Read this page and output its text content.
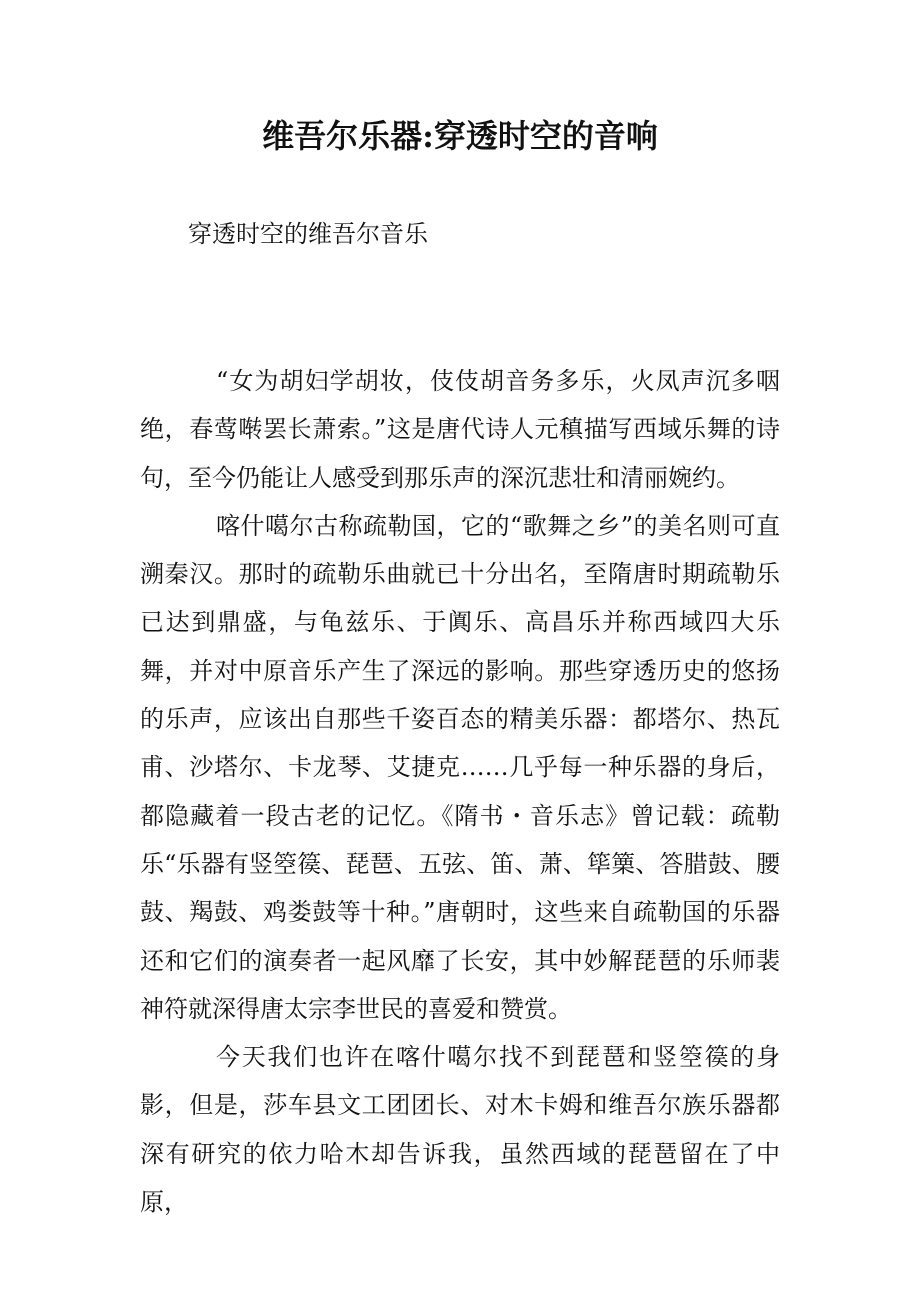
维吾尔乐器:穿透时空的音响

穿透时空的维吾尔音乐

“女为胡妇学胡妆，伎伎胡音务多乐，火凤声沉多咽绝，春莺啭罢长萧索。”这是唐代诗人元稹描写西域乐舞的诗句，至今仍能让人感受到那乐声的深沉悲壮和清丽婉约。

喀什噶尔古称疏勒国，它的“歌舞之乡”的美名则可直溯秦汉。那时的疏勒乐曲就已十分出名，至隋唐时期疏勒乐已达到鼎盛，与龟兹乐、于阗乐、高昌乐并称西域四大乐舞，并对中原音乐产生了深远的影响。那些穿透历史的悠扬的乐声，应该出自那些千姿百态的精美乐器：都塔尔、热瓦甫、沙塔尔、卡龙琴、艾捷克……几乎每一种乐器的身后，都隐藏着一段古老的记忆。《隋书・音乐志》曾记载：疏勒乐“乐器有竖箜篌、琵琶、五弦、笛、萧、筚篥、答腊鼓、腰鼓、羯鼓、鸡娄鼓等十种。”唐朝时，这些来自疏勒国的乐器还和它们的演奏者一起风靡了长安，其中妙解琵琶的乐师裴神符就深得唐太宗李世民的喜爱和赞赏。

今天我们也许在喀什噶尔找不到琵琶和竖箜篌的身影，但是，莎车县文工团团长、对木卡姆和维吾尔族乐器都深有研究的依力哈木却告诉我，虽然西域的琵琶留在了中原，
